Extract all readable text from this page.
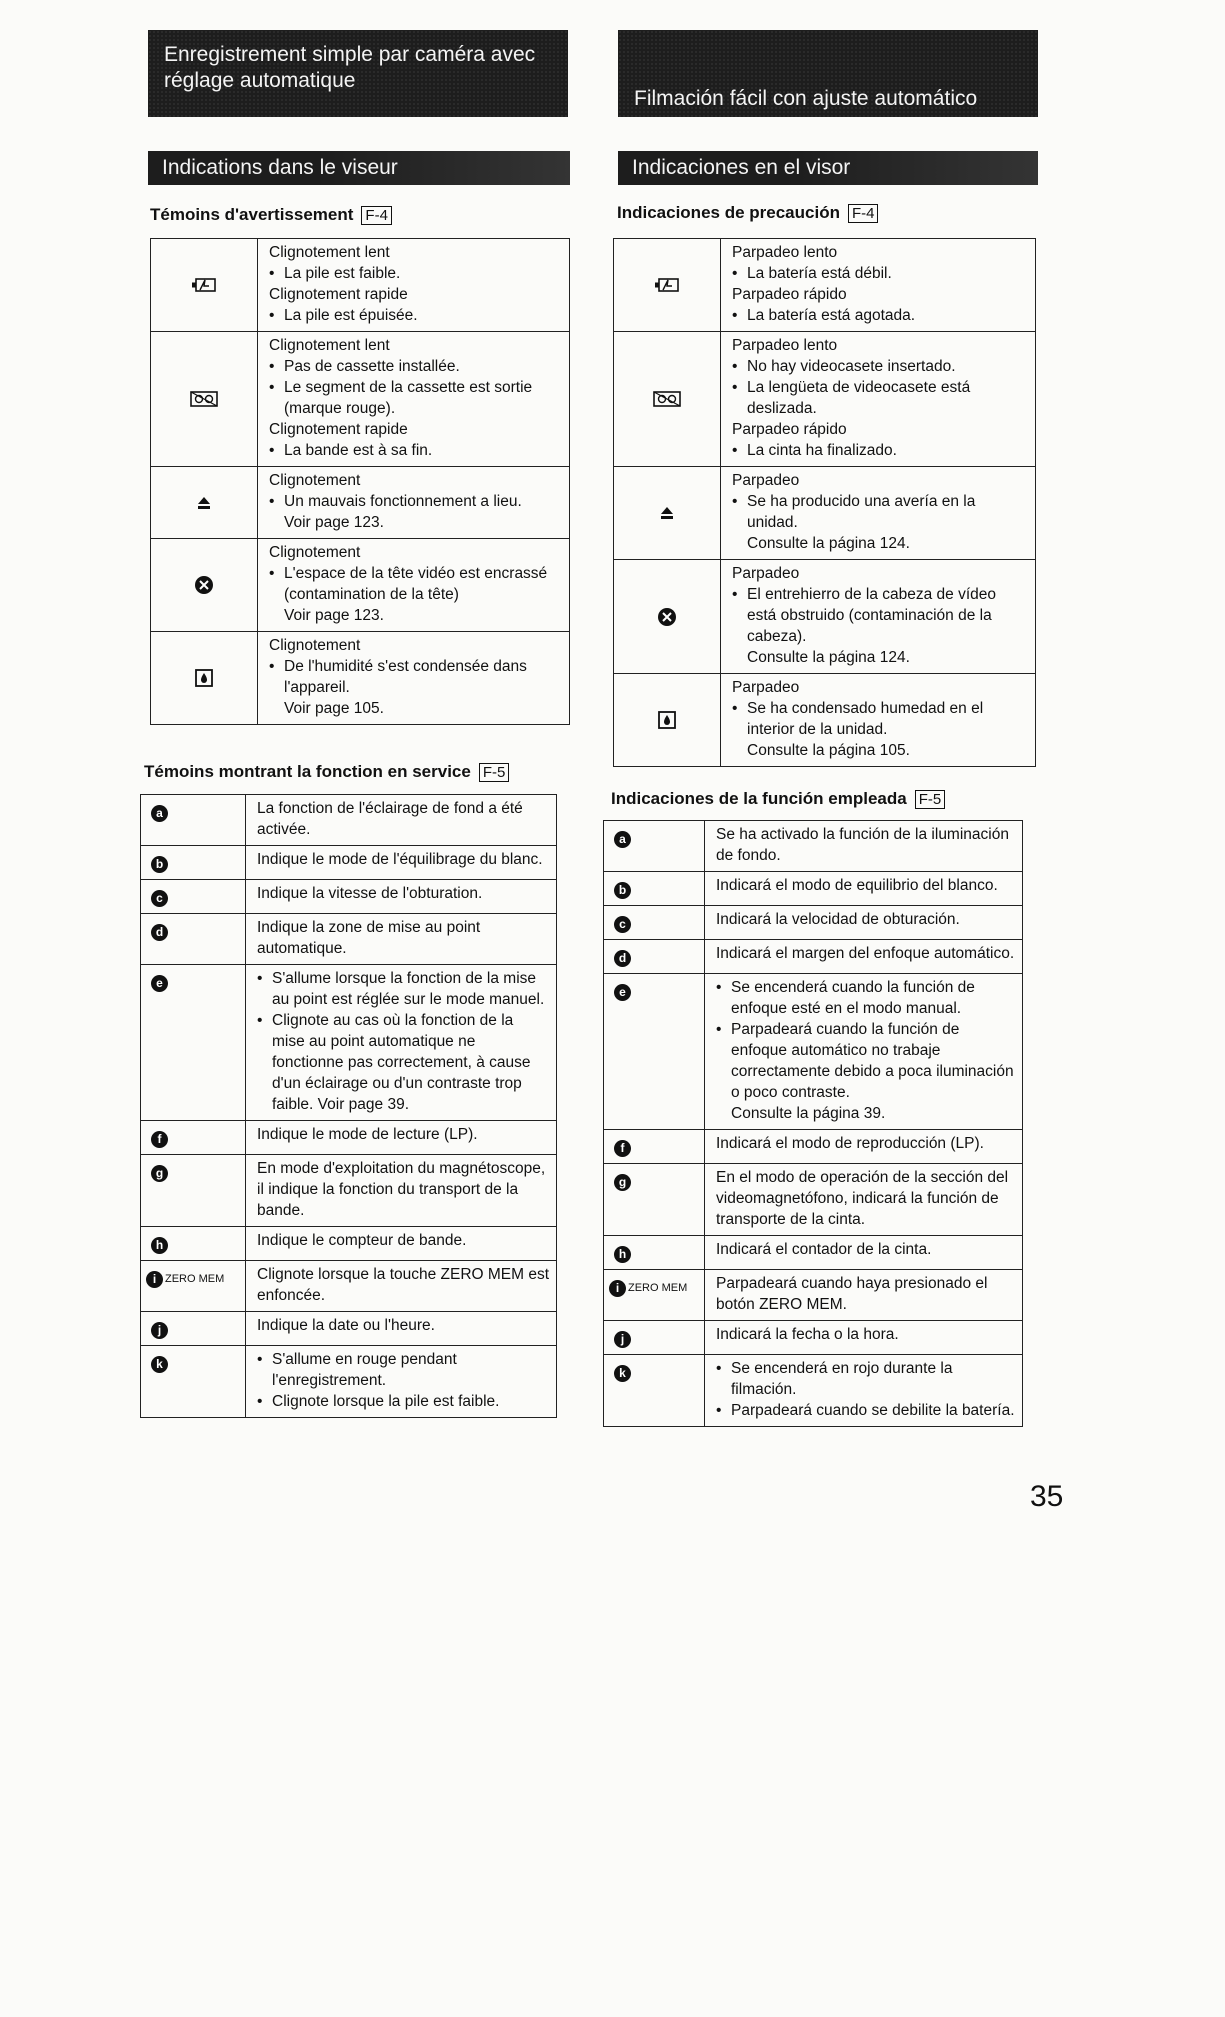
Enregistrement simple par caméra avec réglage automatique
Indications dans le viseur
Témoins d'avertissement F-4

Clignotement lent
• La pile est faible.
Clignotement rapide
• La pile est épuisée.

Clignotement lent
• Pas de cassette installée.
• Le segment de la cassette est sortie (marque rouge).
Clignotement rapide
• La bande est à sa fin.

Clignotement
• Un mauvais fonctionnement a lieu.
Voir page 123.

Clignotement
• L'espace de la tête vidéo est encrassé (contamination de la tête)
Voir page 123.

Clignotement
• De l'humidité s'est condensée dans l'appareil.
Voir page 105.
Témoins montrant la fonction en service F-5
a	La fonction de l'éclairage de fond a été activée.

b	Indique le mode de l'équilibrage du blanc.

c	Indique la vitesse de l'obturation.

d	Indique la zone de mise au point automatique.

e	• S'allume lorsque la fonction de la mise au point est réglée sur le mode manuel.
• Clignote au cas où la fonction de la mise au point automatique ne fonctionne pas correctement, à cause d'un éclairage ou d'un contraste trop faible. Voir page 39.

f	Indique le mode de lecture (LP).

g	En mode d'exploitation du magnétoscope, il indique la fonction du transport de la bande.

h	Indique le compteur de bande.

i ZERO MEM	Clignote lorsque la touche ZERO MEM est enfoncée.

j	Indique la date ou l'heure.

k	• S'allume en rouge pendant l'enregistrement.
• Clignote lorsque la pile est faible.
Filmación fácil con ajuste automático
Indicaciones en el visor
Indicaciones de precaución F-4

Parpadeo lento
• La batería está débil.
Parpadeo rápido
• La batería está agotada.

Parpadeo lento
• No hay videocasete insertado.
• La lengüeta de videocasete está deslizada.
Parpadeo rápido
• La cinta ha finalizado.

Parpadeo
• Se ha producido una avería en la unidad.
Consulte la página 124.

Parpadeo
• El entrehierro de la cabeza de vídeo está obstruido (contaminación de la cabeza).
Consulte la página 124.

Parpadeo
• Se ha condensado humedad en el interior de la unidad.
Consulte la página 105.
Indicaciones de la función empleada F-5
a	Se ha activado la función de la iluminación de fondo.

b	Indicará el modo de equilibrio del blanco.

c	Indicará la velocidad de obturación.

d	Indicará el margen del enfoque automático.

e	• Se encenderá cuando la función de enfoque esté en el modo manual.
• Parpadeará cuando la función de enfoque automático no trabaje correctamente debido a poca iluminación o poco contraste.
Consulte la página 39.

f	Indicará el modo de reproducción (LP).

g	En el modo de operación de la sección del videomagnetófono, indicará la función de transporte de la cinta.

h	Indicará el contador de la cinta.

i ZERO MEM	Parpadeará cuando haya presionado el botón ZERO MEM.

j	Indicará la fecha o la hora.

k	• Se encenderá en rojo durante la filmación.
• Parpadeará cuando se debilite la batería.
35
